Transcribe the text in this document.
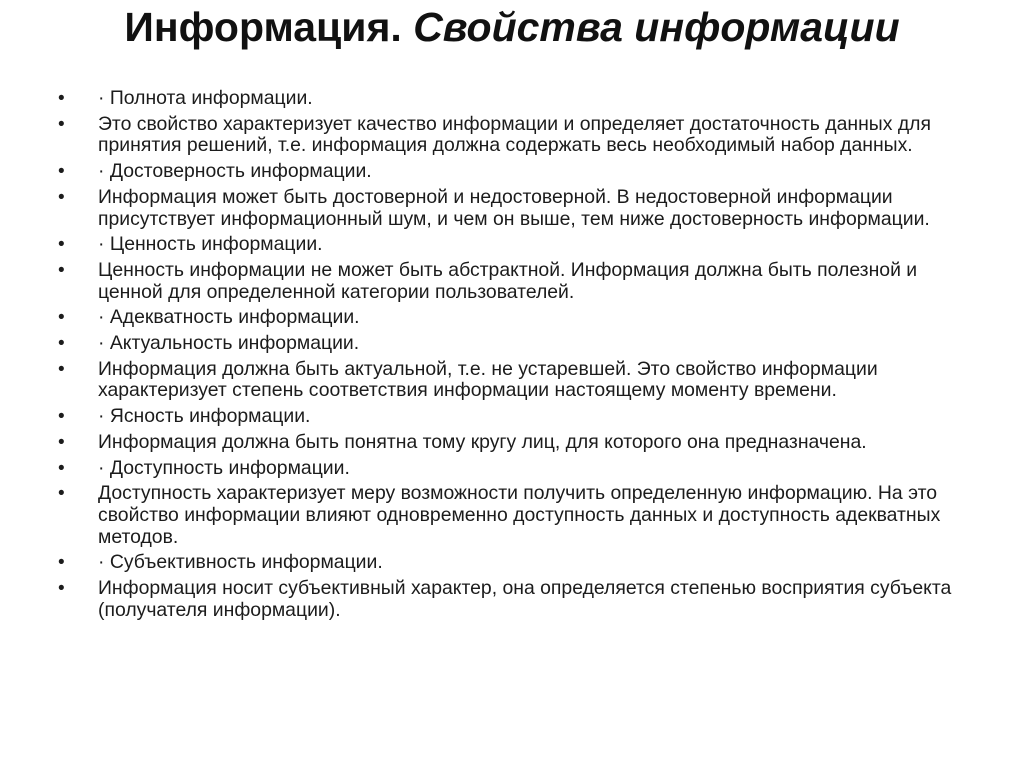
Информация. Свойства информации
•	· Полнота информации.
•	Это свойство характеризует качество информации и определяет достаточность данных для принятия решений, т.е. информация должна содержать весь необходимый набор данных.
•	· Достоверность информации.
•	Информация может быть достоверной и недостоверной. В недостоверной информации присутствует информационный шум, и чем он выше, тем ниже достоверность информации.
•	· Ценность информации.
•	Ценность информации не может быть абстрактной. Информация должна быть полезной и ценной для определенной категории пользователей.
•	· Адекватность информации.
•	· Актуальность информации.
•	Информация должна быть актуальной, т.е. не устаревшей. Это свойство информации характеризует степень соответствия информации настоящему моменту времени.
•	· Ясность информации.
•	Информация должна быть понятна тому кругу лиц, для которого она предназначена.
•	· Доступность информации.
•	Доступность характеризует меру возможности получить определенную информацию. На это свойство информации влияют одновременно доступность данных и доступность адекватных методов.
•	· Субъективность информации.
•	Информация носит субъективный характер, она определяется степенью восприятия субъекта (получателя информации).
